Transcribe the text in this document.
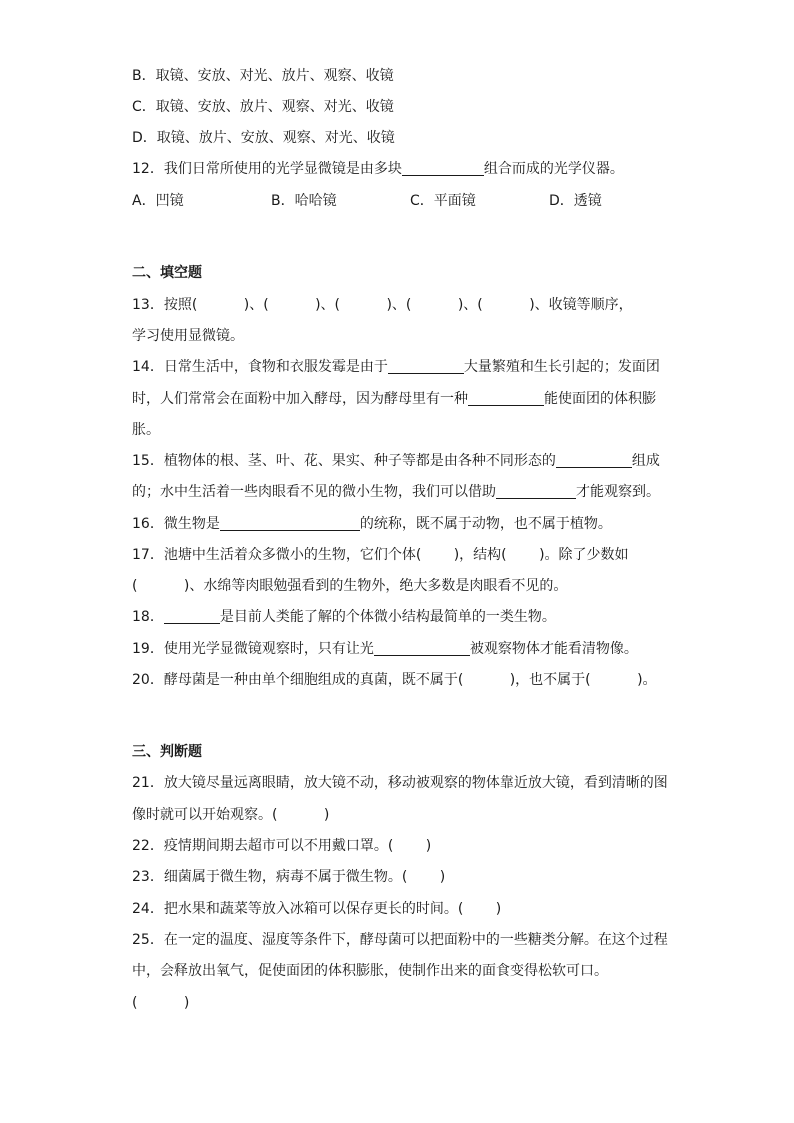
B．取镜、安放、对光、放片、观察、收镜
C．取镜、安放、放片、观察、对光、收镜
D．取镜、放片、安放、观察、对光、收镜
12．我们日常所使用的光学显微镜是由多块	组合而成的光学仪器。
A．凹镜	B．哈哈镜	C．平面镜	D．透镜
二、填空题
13．按照(    )、(    )、(    )、(    )、(    )、收镜等顺序，
学习使用显微镜。
14．日常生活中，食物和衣服发霉是由于	大量繁殖和生长引起的；发面团
时，人们常常会在面粉中加入酵母，因为酵母里有一种	能使面团的体积膨
胀。
15．植物体的根、茎、叶、花、果实、种子等都是由各种不同形态的	组成
的；水中生活着一些肉眼看不见的微小生物，我们可以借助	才能观察到。
16．微生物是	的统称，既不属于动物，也不属于植物。
17．池塘中生活着众多微小的生物，它们个体(   )，结构(   )。除了少数如
(    )、水绵等肉眼勉强看到的生物外，绝大多数是肉眼看不见的。
18．	是目前人类能了解的个体微小结构最简单的一类生物。
19．使用光学显微镜观察时，只有让光	被观察物体才能看清物像。
20．酵母菌是一种由单个细胞组成的真菌，既不属于(    )，也不属于(    )。
三、判断题
21．放大镜尽量远离眼睛，放大镜不动，移动被观察的物体靠近放大镜，看到清晰的图
像时就可以开始观察。(    )
22．疫情期间期去超市可以不用戴口罩。(   )
23．细菌属于微生物，病毒不属于微生物。(   )
24．把水果和蔬菜等放入冰箱可以保存更长的时间。(   )
25．在一定的温度、湿度等条件下，酵母菌可以把面粉中的一些糖类分解。在这个过程
中，会释放出氧气，促使面团的体积膨胀，使制作出来的面食变得松软可口。
(    )
